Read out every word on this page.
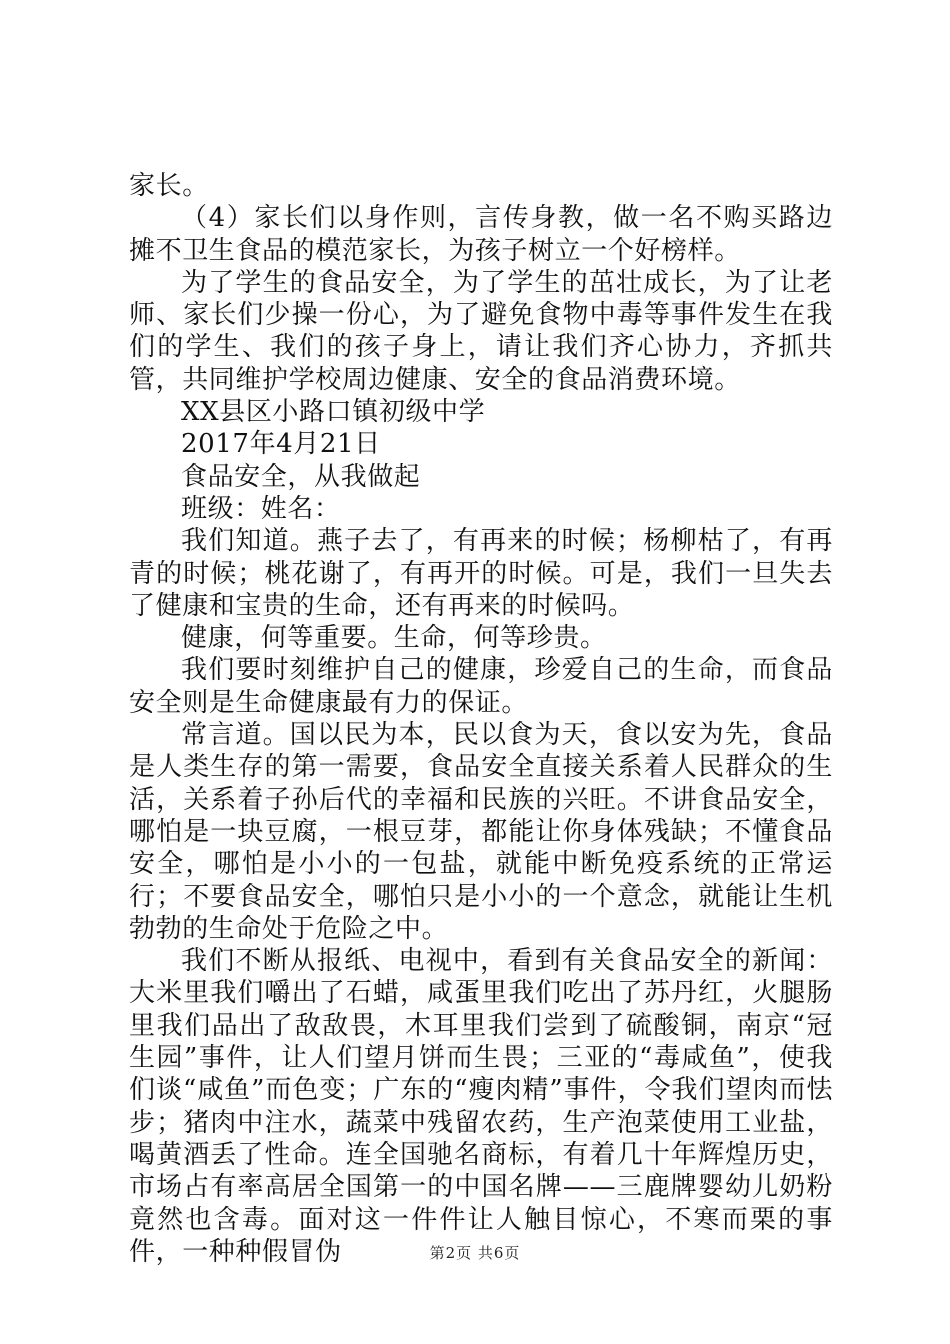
家长。

（4）家长们以身作则，言传身教，做一名不购买路边摊不卫生食品的模范家长，为孩子树立一个好榜样。

为了学生的食品安全，为了学生的茁壮成长，为了让老师、家长们少操一份心，为了避免食物中毒等事件发生在我们的学生、我们的孩子身上，请让我们齐心协力，齐抓共管，共同维护学校周边健康、安全的食品消费环境。

XX县区小路口镇初级中学

2017年4月21日

食品安全，从我做起

班级：姓名：

我们知道。燕子去了，有再来的时候；杨柳枯了，有再青的时候；桃花谢了，有再开的时候。可是，我们一旦失去了健康和宝贵的生命，还有再来的时候吗。

健康，何等重要。生命，何等珍贵。

我们要时刻维护自己的健康，珍爱自己的生命，而食品安全则是生命健康最有力的保证。

常言道。国以民为本，民以食为天，食以安为先，食品是人类生存的第一需要，食品安全直接关系着人民群众的生活，关系着子孙后代的幸福和民族的兴旺。不讲食品安全，哪怕是一块豆腐，一根豆芽，都能让你身体残缺；不懂食品安全，哪怕是小小的一包盐，就能中断免疫系统的正常运行；不要食品安全，哪怕只是小小的一个意念，就能让生机勃勃的生命处于危险之中。

我们不断从报纸、电视中，看到有关食品安全的新闻：大米里我们嚼出了石蜡，咸蛋里我们吃出了苏丹红，火腿肠里我们品出了敌敌畏，木耳里我们尝到了硫酸铜，南京“冠生园”事件，让人们望月饼而生畏；三亚的“毒咸鱼”，使我们谈“咸鱼”而色变；广东的“瘦肉精”事件，令我们望肉而怯步；猪肉中注水，蔬菜中残留农药，生产泡菜使用工业盐，喝黄酒丢了性命。连全国驰名商标，有着几十年辉煌历史，市场占有率高居全国第一的中国名牌——三鹿牌婴幼儿奶粉竟然也含毒。面对这一件件让人触目惊心，不寒而栗的事件，一种种假冒伪	第2页 共6页
